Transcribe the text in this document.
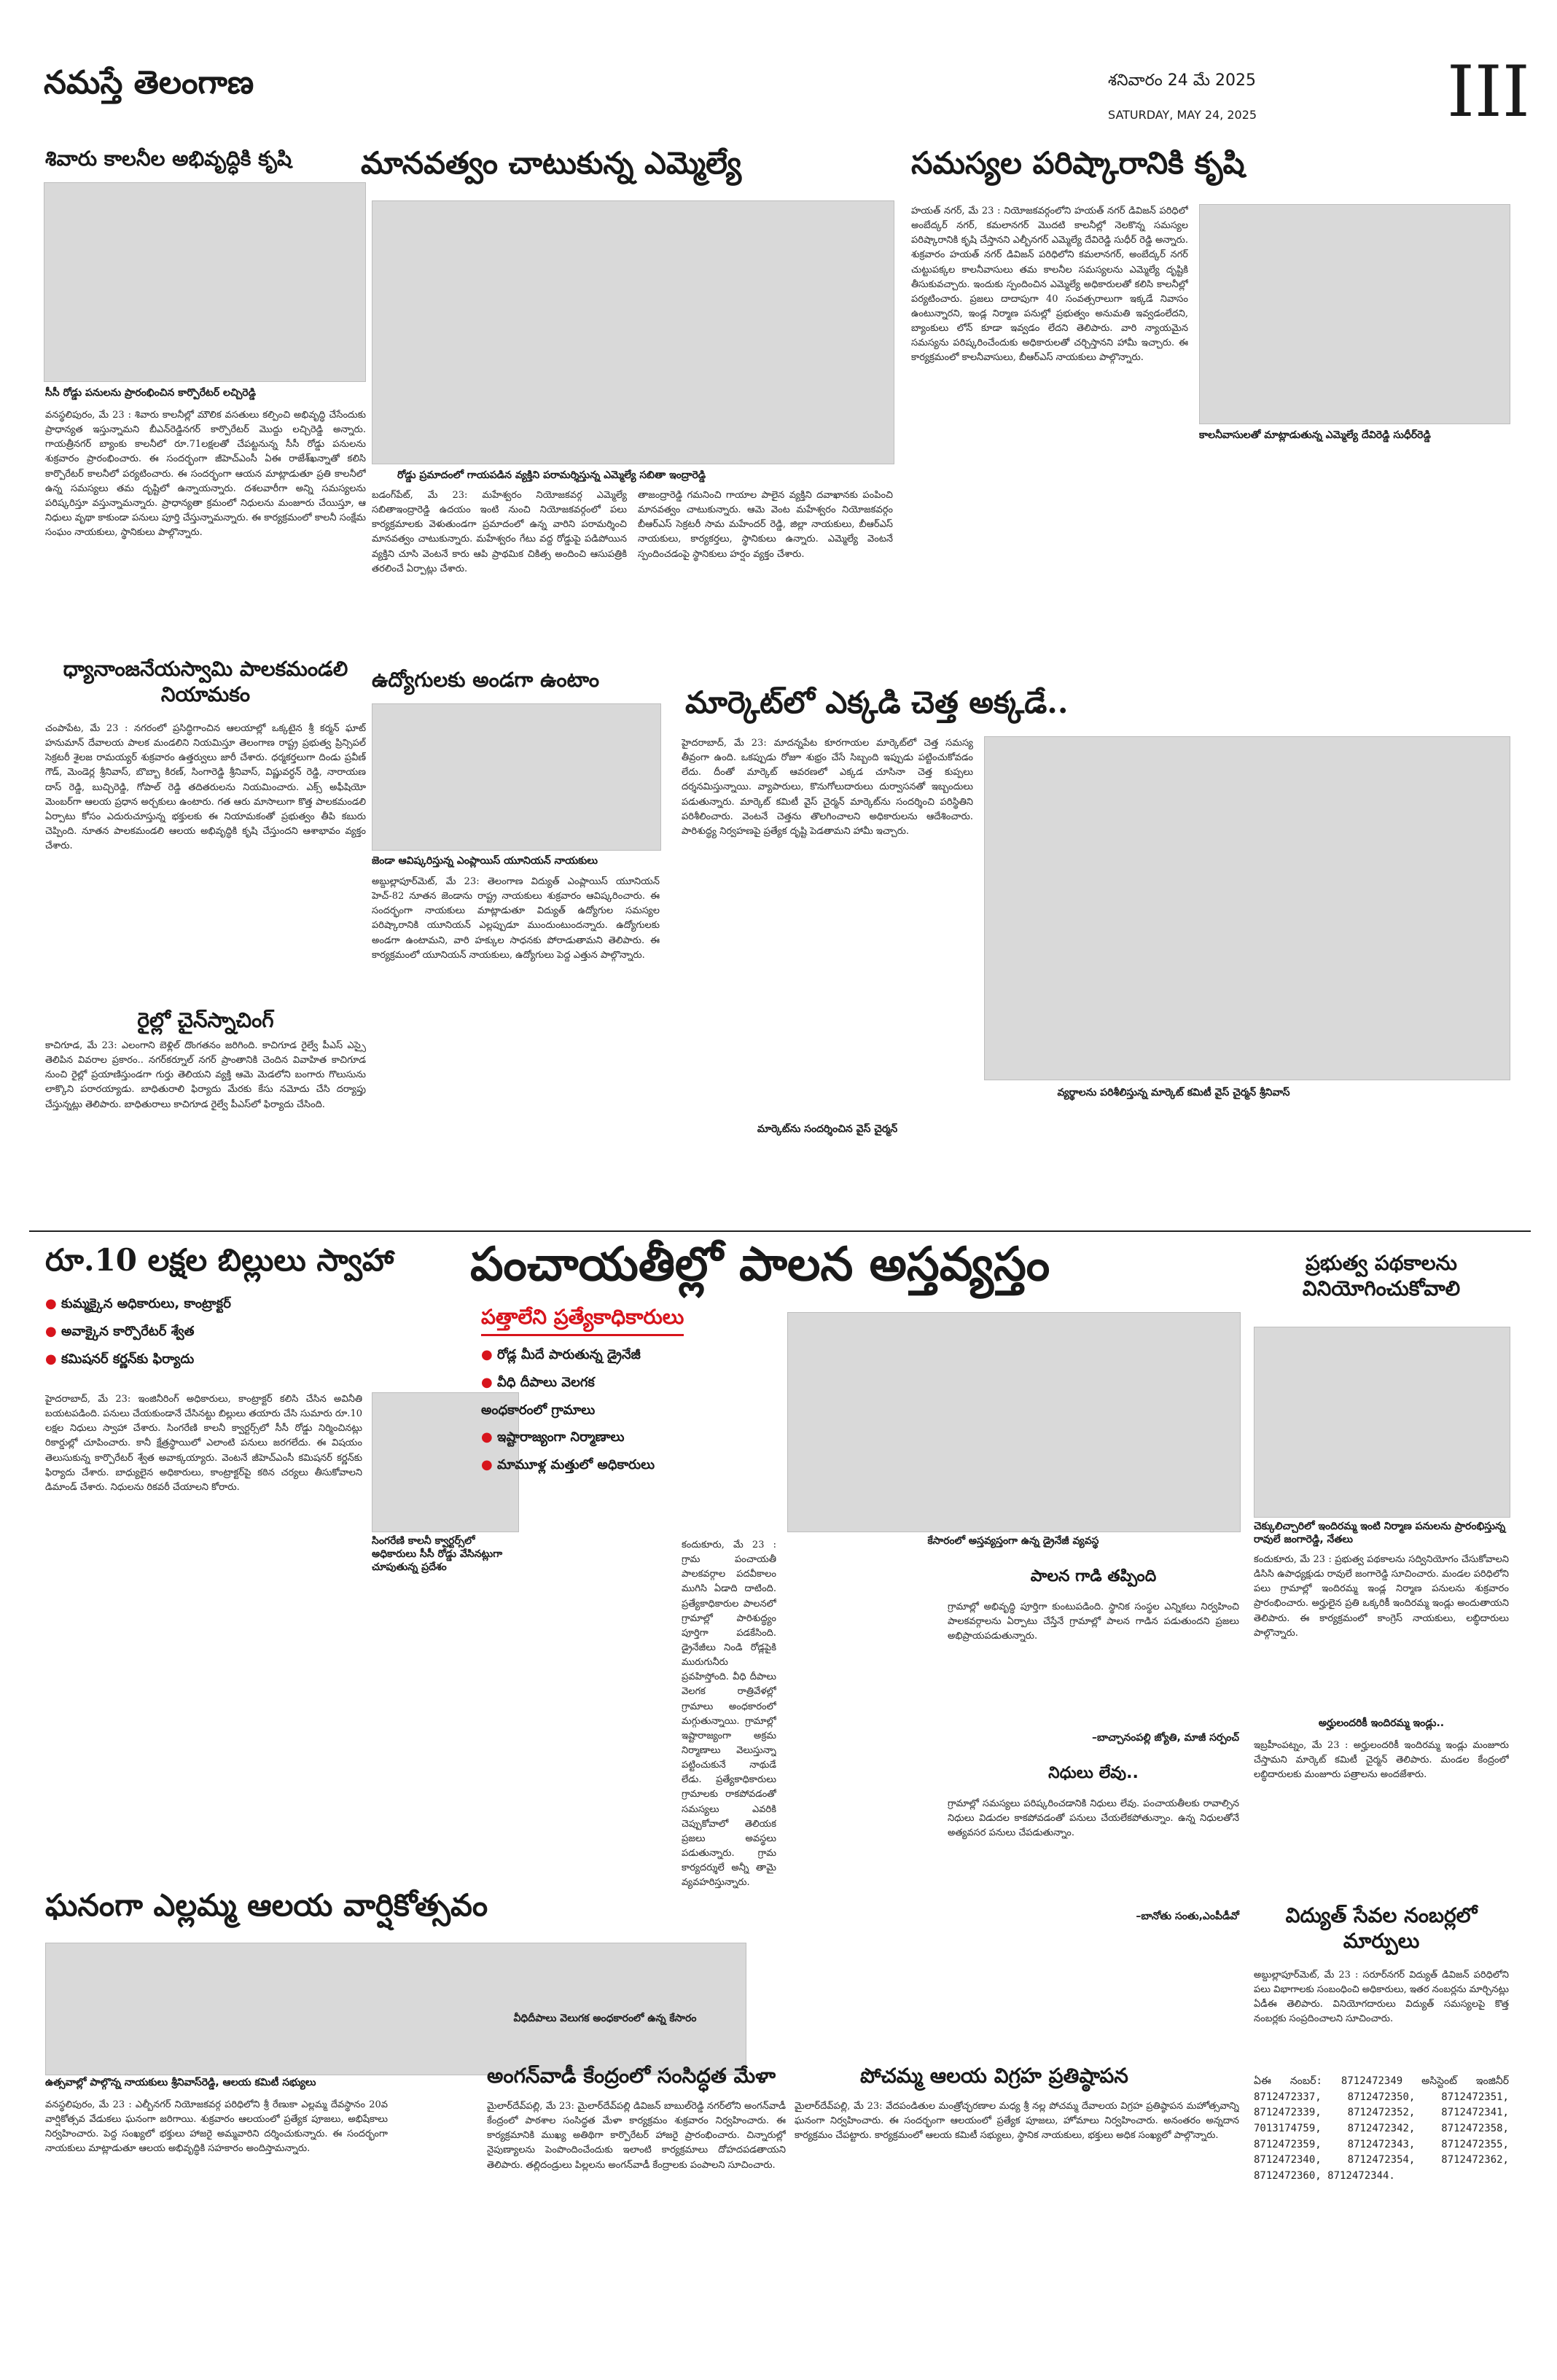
నమస్తే తెలంగాణ	శనివారం 24 మే 2025
SATURDAY, MAY 24, 2025	III
శివారు కాలనీల అభివృద్ధికి కృషి
సీసీ రోడ్డు పనులను ప్రారంభించిన కార్పొరేటర్ లచ్చిరెడ్డి
వనస్థలిపురం, మే 23 : శివారు కాలనీల్లో మౌలిక వసతులు కల్పించి అభివృద్ధి చేసేందుకు ప్రాధాన్యత ఇస్తున్నామని బీఎన్‌రెడ్డినగర్ కార్పొరేటర్ మొద్దు లచ్చిరెడ్డి అన్నారు. గాయత్రీనగర్ బ్యాంకు కాలనీలో రూ.71లక్షలతో చేపట్టనున్న సీసీ రోడ్డు పనులను శుక్రవారం ప్రారంభించారు. ఈ సందర్భంగా జీహెచ్‌ఎంసీ ఏఈ రాజేశ్‌ఖన్నాతో కలిసి కార్పొరేటర్ కాలనీలో పర్యటించారు. ఈ సందర్భంగా ఆయన మాట్లాడుతూ ప్రతి కాలనీలో ఉన్న సమస్యలు తమ దృష్టిలో ఉన్నాయన్నారు. దశలవారీగా అన్ని సమస్యలను పరిష్కరిస్తూ వస్తున్నామన్నారు. ప్రాధాన్యతా క్రమంలో నిధులను మంజూరు చేయిస్తూ, ఆ నిధులు వృథా కాకుండా పనులు పూర్తి చేస్తున్నామన్నారు. ఈ కార్యక్రమంలో కాలనీ సంక్షేమ సంఘం నాయకులు, స్థానికులు పాల్గొన్నారు.
మానవత్వం చాటుకున్న ఎమ్మెల్యే
రోడ్డు ప్రమాదంలో గాయపడిన వ్యక్తిని పరామర్శిస్తున్న ఎమ్మెల్యే సబితా ఇంద్రారెడ్డి
బడంగ్‌పేట్, మే 23: మహేశ్వరం నియోజకవర్గ ఎమ్మెల్యే సబితాఇంద్రారెడ్డి ఉదయం ఇంటి నుంచి నియోజకవర్గంలో పలు కార్యక్రమాలకు వెళుతుండగా ప్రమాదంలో ఉన్న వారిని పరామర్శించి మానవత్వం చాటుకున్నారు. మహేశ్వరం గేటు వద్ద రోడ్డుపై పడిపోయిన వ్యక్తిని చూసి వెంటనే కారు ఆపి ప్రాథమిక చికిత్స అందించి ఆసుపత్రికి తరలించే ఏర్పాట్లు చేశారు.
తాజంద్రారెడ్డి గమనించి గాయాల పాలైన వ్యక్తిని దవాఖానకు పంపించి మానవత్వం చాటుకున్నారు. ఆమె వెంట మహేశ్వరం నియోజకవర్గం బీఆర్‌ఎస్ సెక్రటరీ సామ మహేందర్ రెడ్డి, జిల్లా నాయకులు, బీఆర్‌ఎస్ నాయకులు, కార్యకర్తలు, స్థానికులు ఉన్నారు. ఎమ్మెల్యే వెంటనే స్పందించడంపై స్థానికులు హర్షం వ్యక్తం చేశారు.
సమస్యల పరిష్కారానికి కృషి
హయత్ నగర్, మే 23 : నియోజకవర్గంలోని హయత్ నగర్ డివిజన్ పరిధిలో అంబేద్కర్ నగర్, కమలానగర్ మొదటి కాలనీల్లో నెలకొన్న సమస్యల పరిష్కారానికి కృషి చేస్తానని ఎల్బీనగర్ ఎమ్మెల్యే దేవిరెడ్డి సుధీర్ రెడ్డి అన్నారు. శుక్రవారం హయత్ నగర్ డివిజన్ పరిధిలోని కమలానగర్, అంబేద్కర్ నగర్ చుట్టుపక్కల కాలనీవాసులు తమ కాలనీల సమస్యలను ఎమ్మెల్యే దృష్టికి తీసుకువచ్చారు. ఇందుకు స్పందించిన ఎమ్మెల్యే అధికారులతో కలిసి కాలనీల్లో పర్యటించారు. ప్రజలు దాదాపుగా 40 సంవత్సరాలుగా ఇక్కడే నివాసం ఉంటున్నారని, ఇండ్ల నిర్మాణ పనుల్లో ప్రభుత్వం అనుమతి ఇవ్వడంలేదని, బ్యాంకులు లోన్ కూడా ఇవ్వడం లేదని తెలిపారు. వారి న్యాయమైన సమస్యను పరిష్కరించేందుకు అధికారులతో చర్చిస్తానని హామీ ఇచ్చారు. ఈ కార్యక్రమంలో కాలనీవాసులు, బీఆర్‌ఎస్ నాయకులు పాల్గొన్నారు.
కాలనీవాసులతో మాట్లాడుతున్న ఎమ్మెల్యే దేవిరెడ్డి సుధీర్‌రెడ్డి
ధ్యానాంజనేయస్వామి పాలకమండలి నియామకం
చంపాపేట, మే 23 : నగరంలో ప్రసిద్ధిగాంచిన ఆలయాల్లో ఒక్కటైన శ్రీ కర్మన్ ఘాట్ హనుమాన్ దేవాలయ పాలక మండలిని నియమిస్తూ తెలంగాణ రాష్ట్ర ప్రభుత్వ ప్రిన్సిపల్ సెక్రటరీ శైలజ రామయ్యర్ శుక్రవారం ఉత్తర్వులు జారీ చేశారు. ధర్మకర్తలుగా దిండు ప్రవీణ్ గౌడ్, మెండెర్ల శ్రీనివాస్, బొబ్బా కిరణ్, సింగారెడ్డి శ్రీనివాస్, విష్ణువర్ధన్ రెడ్డి, నారాయణ దాస్ రెడ్డి, బుచ్చిరెడ్డి, గోపాల్ రెడ్డి తదితరులను నియమించారు. ఎక్స్ అఫీషియో మెంబర్‌గా ఆలయ ప్రధాన అర్చకులు ఉంటారు. గత ఆరు మాసాలుగా కొత్త పాలకమండలి ఏర్పాటు కోసం ఎదురుచూస్తున్న భక్తులకు ఈ నియామకంతో ప్రభుత్వం తీపి కబురు చెప్పింది. నూతన పాలకమండలి ఆలయ అభివృద్ధికి కృషి చేస్తుందని ఆశాభావం వ్యక్తం చేశారు.
రైల్లో చైన్‌స్నాచింగ్
కాచిగూడ, మే 23: ఎలంగాని బెళ్లిల్ దొంగతనం జరిగింది. కాచిగూడ రైల్వే పీఎస్ ఎస్సై తెలిపిన వివరాల ప్రకారం.. నగర్‌కర్నూల్ నగర్ ప్రాంతానికి చెందిన వివాహిత కాచిగూడ నుంచి రైల్లో ప్రయాణిస్తుండగా గుర్తు తెలియని వ్యక్తి ఆమె మెడలోని బంగారు గొలుసును లాక్కొని పరారయ్యాడు. బాధితురాలి ఫిర్యాదు మేరకు కేసు నమోదు చేసి దర్యాప్తు చేస్తున్నట్లు తెలిపారు. బాధితురాలు కాచిగూడ రైల్వే పీఎస్‌లో ఫిర్యాదు చేసింది.
ఉద్యోగులకు అండగా ఉంటాం
జెండా ఆవిష్కరిస్తున్న ఎంప్లాయిస్ యూనియన్ నాయకులు
అబ్దుల్లాపూర్‌మెట్, మే 23: తెలంగాణ విద్యుత్ ఎంప్లాయిస్ యూనియన్ హెచ్-82 నూతన జెండాను రాష్ట్ర నాయకులు శుక్రవారం ఆవిష్కరించారు. ఈ సందర్భంగా నాయకులు మాట్లాడుతూ విద్యుత్ ఉద్యోగుల సమస్యల పరిష్కారానికి యూనియన్ ఎల్లప్పుడూ ముందుంటుందన్నారు. ఉద్యోగులకు అండగా ఉంటామని, వారి హక్కుల సాధనకు పోరాడుతామని తెలిపారు. ఈ కార్యక్రమంలో యూనియన్ నాయకులు, ఉద్యోగులు పెద్ద ఎత్తున పాల్గొన్నారు.
మార్కెట్‌లో ఎక్కడి చెత్త అక్కడే..
హైదరాబాద్, మే 23: మాదన్నపేట కూరగాయల మార్కెట్‌లో చెత్త సమస్య తీవ్రంగా ఉంది. ఒకప్పుడు రోజూ శుభ్రం చేసే సిబ్బంది ఇప్పుడు పట్టించుకోవడం లేదు. దీంతో మార్కెట్ ఆవరణలో ఎక్కడ చూసినా చెత్త కుప్పలు దర్శనమిస్తున్నాయి. వ్యాపారులు, కొనుగోలుదారులు దుర్వాసనతో ఇబ్బందులు పడుతున్నారు. మార్కెట్ కమిటీ వైస్ చైర్మన్ మార్కెట్‌ను సందర్శించి పరిస్థితిని పరిశీలించారు. వెంటనే చెత్తను తొలగించాలని అధికారులను ఆదేశించారు. పారిశుద్ధ్య నిర్వహణపై ప్రత్యేక దృష్టి పెడతామని హామీ ఇచ్చారు.
వ్యర్థాలను పరిశీలిస్తున్న మార్కెట్ కమిటీ వైస్ చైర్మన్ శ్రీనివాస్
మార్కెట్‌ను సందర్శించిన వైస్ చైర్మన్
రూ.10 లక్షల బిల్లులు స్వాహా
● కుమ్మక్కైన అధికారులు, కాంట్రాక్టర్
● అవాక్కైన కార్పొరేటర్ శ్వేత
● కమిషనర్‌ కర్ణన్‌కు ఫిర్యాదు
హైదరాబాద్, మే 23: ఇంజినీరింగ్ అధికారులు, కాంట్రాక్టర్ కలిసి చేసిన అవినీతి బయటపడింది. పనులు చేయకుండానే చేసినట్టు బిల్లులు తయారు చేసి సుమారు రూ.10 లక్షల నిధులు స్వాహా చేశారు. సింగరేణి కాలనీ క్వార్టర్స్‌లో సీసీ రోడ్డు నిర్మించినట్లు రికార్డుల్లో చూపించారు. కానీ క్షేత్రస్థాయిలో ఎలాంటి పనులు జరగలేదు. ఈ విషయం తెలుసుకున్న కార్పొరేటర్ శ్వేత అవాక్కయ్యారు. వెంటనే జీహెచ్‌ఎంసీ కమిషనర్ కర్ణన్‌కు ఫిర్యాదు చేశారు. బాధ్యులైన అధికారులు, కాంట్రాక్టర్‌పై కఠిన చర్యలు తీసుకోవాలని డిమాండ్ చేశారు. నిధులను రికవరీ చేయాలని కోరారు.
సింగరేణి కాలనీ క్వార్టర్స్‌లో అధికారులు సీసీ రోడ్డు వేసినట్లుగా చూపుతున్న ప్రదేశం
ఘనంగా ఎల్లమ్మ ఆలయ వార్షికోత్సవం
ఉత్సవాల్లో పాల్గొన్న నాయకులు శ్రీనివాస్‌రెడ్డి, ఆలయ కమిటీ సభ్యులు
వనస్థలిపురం, మే 23 : ఎల్బీనగర్ నియోజకవర్గ పరిధిలోని శ్రీ రేణుకా ఎల్లమ్మ దేవస్థానం 20వ వార్షికోత్సవ వేడుకలు ఘనంగా జరిగాయి. శుక్రవారం ఆలయంలో ప్రత్యేక పూజలు, అభిషేకాలు నిర్వహించారు. పెద్ద సంఖ్యలో భక్తులు హాజరై అమ్మవారిని దర్శించుకున్నారు. ఈ సందర్భంగా నాయకులు మాట్లాడుతూ ఆలయ అభివృద్ధికి సహకారం అందిస్తామన్నారు.
పంచాయతీల్లో పాలన అస్తవ్యస్తం
పత్తాలేని ప్రత్యేకాధికారులు
● రోడ్ల మీదే పారుతున్న డ్రైనేజీ
● వీధి దీపాలు వెలగక
అంధకారంలో గ్రామాలు
● ఇష్టారాజ్యంగా నిర్మాణాలు
● మామూళ్ల మత్తులో అధికారులు
కేసారంలో అస్తవ్యస్తంగా ఉన్న డ్రైనేజీ వ్యవస్థ
కందుకూరు, మే 23 : గ్రామ పంచాయతీ పాలకవర్గాల పదవీకాలం ముగిసి ఏడాది దాటింది. ప్రత్యేకాధికారుల పాలనలో గ్రామాల్లో పారిశుద్ధ్యం పూర్తిగా పడకేసింది. డ్రైనేజీలు నిండి రోడ్లపైకి మురుగునీరు ప్రవహిస్తోంది. వీధి దీపాలు వెలగక రాత్రివేళల్లో గ్రామాలు అంధకారంలో మగ్గుతున్నాయి. గ్రామాల్లో ఇష్టారాజ్యంగా అక్రమ నిర్మాణాలు వెలుస్తున్నా పట్టించుకునే నాథుడే లేడు. ప్రత్యేకాధికారులు గ్రామాలకు రాకపోవడంతో సమస్యలు ఎవరికి చెప్పుకోవాలో తెలియక ప్రజలు అవస్థలు పడుతున్నారు. గ్రామ కార్యదర్శులే అన్నీ తామై వ్యవహరిస్తున్నారు.
పాలన గాడి తప్పింది
గ్రామాల్లో అభివృద్ధి పూర్తిగా కుంటుపడింది. స్థానిక సంస్థల ఎన్నికలు నిర్వహించి పాలకవర్గాలను ఏర్పాటు చేస్తేనే గ్రామాల్లో పాలన గాడిన పడుతుందని ప్రజలు అభిప్రాయపడుతున్నారు.
–బాచ్చానంపల్లి జ్యోతి, మాజీ సర్పంచ్
నిధులు లేవు..
గ్రామాల్లో సమస్యలు పరిష్కరించడానికి నిధులు లేవు. పంచాయతీలకు రావాల్సిన నిధులు విడుదల కాకపోవడంతో పనులు చేయలేకపోతున్నాం. ఉన్న నిధులతోనే అత్యవసర పనులు చేపడుతున్నాం.
–బానోతు సంతు,ఎంపీడీవో
వీధిదీపాలు వెలుగక అంధకారంలో ఉన్న కేసారం
అంగన్‌వాడీ కేంద్రంలో సంసిద్ధత మేళా
మైలార్‌దేవ్‌పల్లి, మే 23: మైలార్‌దేవ్‌పల్లి డివిజన్ బాబుల్‌రెడ్డి నగర్‌లోని అంగన్‌వాడీ కేంద్రంలో పాఠశాల సంసిద్ధత మేళా కార్యక్రమం శుక్రవారం నిర్వహించారు. ఈ కార్యక్రమానికి ముఖ్య అతిథిగా కార్పొరేటర్ హాజరై ప్రారంభించారు. చిన్నారుల్లో నైపుణ్యాలను పెంపొందించేందుకు ఇలాంటి కార్యక్రమాలు దోహదపడతాయని తెలిపారు. తల్లిదండ్రులు పిల్లలను అంగన్‌వాడీ కేంద్రాలకు పంపాలని సూచించారు.
పోచమ్మ ఆలయ విగ్రహ ప్రతిష్ఠాపన
మైలార్‌దేవ్‌పల్లి, మే 23: వేదపండితుల మంత్రోచ్ఛరణాల మధ్య శ్రీ నల్ల పోచమ్మ దేవాలయ విగ్రహ ప్రతిష్ఠాపన మహోత్సవాన్ని ఘనంగా నిర్వహించారు. ఈ సందర్భంగా ఆలయంలో ప్రత్యేక పూజలు, హోమాలు నిర్వహించారు. అనంతరం అన్నదాన కార్యక్రమం చేపట్టారు. కార్యక్రమంలో ఆలయ కమిటీ సభ్యులు, స్థానిక నాయకులు, భక్తులు అధిక సంఖ్యలో పాల్గొన్నారు.
ప్రభుత్వ పథకాలను వినియోగించుకోవాలి
చెక్కులిచ్చారిలో ఇందిరమ్మ ఇంటి నిర్మాణ పనులను ప్రారంభిస్తున్న రావులే జంగారెడ్డి, నేతలు
కందుకూరు, మే 23 : ప్రభుత్వ పథకాలను సద్వినియోగం చేసుకోవాలని డిసిసి ఉపాధ్యక్షుడు రావులే జంగారెడ్డి సూచించారు. మండల పరిధిలోని పలు గ్రామాల్లో ఇందిరమ్మ ఇండ్ల నిర్మాణ పనులను శుక్రవారం ప్రారంభించారు. అర్హులైన ప్రతి ఒక్కరికీ ఇందిరమ్మ ఇండ్లు అందుతాయని తెలిపారు. ఈ కార్యక్రమంలో కాంగ్రెస్ నాయకులు, లబ్ధిదారులు పాల్గొన్నారు.
అర్హులందరికీ ఇందిరమ్మ ఇండ్లు..
ఇబ్రహీంపట్నం, మే 23 : అర్హులందరికీ ఇందిరమ్మ ఇండ్లు మంజూరు చేస్తామని మార్కెట్ కమిటీ చైర్మన్ తెలిపారు. మండల కేంద్రంలో లబ్ధిదారులకు మంజూరు పత్రాలను అందజేశారు.
విద్యుత్ సేవల నంబర్లలో మార్పులు
అబ్దుల్లాపూర్‌మెట్, మే 23 : సరూర్‌నగర్ విద్యుత్ డివిజన్ పరిధిలోని పలు విభాగాలకు సంబంధించి అధికారులు, ఇతర నంబర్లను మార్చినట్లు ఏడీఈ తెలిపారు. వినియోగదారులు విద్యుత్ సమస్యలపై కొత్త నంబర్లకు సంప్రదించాలని సూచించారు.
ఏఈ నంబర్: 8712472349 అసిస్టెంట్ ఇంజినీర్ 8712472337, 8712472350, 8712472351, 8712472339, 8712472352, 8712472341, 7013174759, 8712472342, 8712472358, 8712472359, 8712472343, 8712472355, 8712472340, 8712472354, 8712472362, 8712472360, 8712472344.
